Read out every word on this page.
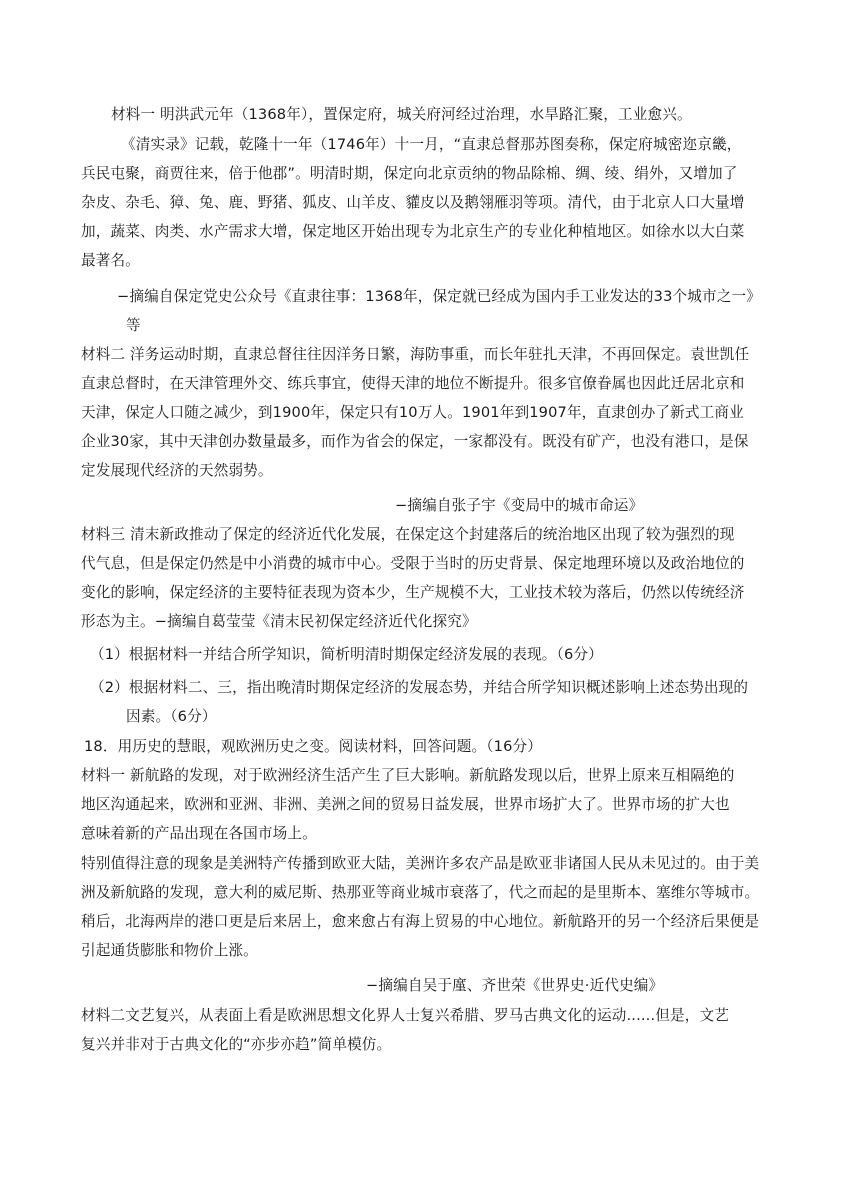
材料一 明洪武元年（1368年），置保定府，城关府河经过治理，水旱路汇聚，工业愈兴。

《清实录》记载，乾隆十一年（1746年）十一月，“直隶总督那苏图奏称，保定府城密迩京畿，

兵民屯聚，商贾往来，倍于他郡”。明清时期，保定向北京贡纳的物品除棉、绸、绫、绢外，又增加了

杂皮、杂毛、獐、兔、鹿、野猪、狐皮、山羊皮、貛皮以及鹅翎雁羽等项。清代，由于北京人口大量增

加，蔬菜、肉类、水产需求大增，保定地区开始出现专为北京生产的专业化种植地区。如徐水以大白菜

最著名。

−摘编自保定党史公众号《直隶往事：1368年，保定就已经成为国内手工业发达的33个城市之一》

等

材料二 洋务运动时期，直隶总督往往因洋务日繁，海防事重，而长年驻扎天津，不再回保定。袁世凯任

直隶总督时，在天津管理外交、练兵事宜，使得天津的地位不断提升。很多官僚眷属也因此迁居北京和

天津，保定人口随之减少，到1900年，保定只有10万人。1901年到1907年，直隶创办了新式工商业

企业30家，其中天津创办数量最多，而作为省会的保定，一家都没有。既没有矿产，也没有港口，是保

定发展现代经济的天然弱势。

−摘编自张子宇《变局中的城市命运》

材料三 清末新政推动了保定的经济近代化发展，在保定这个封建落后的统治地区出现了较为强烈的现

代气息，但是保定仍然是中小消费的城市中心。受限于当时的历史背景、保定地理环境以及政治地位的

变化的影响，保定经济的主要特征表现为资本少，生产规模不大，工业技术较为落后，仍然以传统经济

形态为主。−摘编自葛莹莹《清末民初保定经济近代化探究》

（1）根据材料一并结合所学知识，简析明清时期保定经济发展的表现。（6分）

（2）根据材料二、三，指出晚清时期保定经济的发展态势，并结合所学知识概述影响上述态势出现的

因素。（6分）

18．用历史的慧眼，观欧洲历史之变。阅读材料，回答问题。（16分）

材料一 新航路的发现，对于欧洲经济生活产生了巨大影响。新航路发现以后，世界上原来互相隔绝的

地区沟通起来，欧洲和亚洲、非洲、美洲之间的贸易日益发展，世界市场扩大了。世界市场的扩大也

意味着新的产品出现在各国市场上。

特别值得注意的现象是美洲特产传播到欧亚大陆，美洲许多农产品是欧亚非诸国人民从未见过的。由于美

洲及新航路的发现，意大利的威尼斯、热那亚等商业城市衰落了，代之而起的是里斯本、塞维尔等城市。

稍后，北海两岸的港口更是后来居上，愈来愈占有海上贸易的中心地位。新航路开的另一个经济后果便是

引起通货膨胀和物价上涨。

−摘编自吴于廑、齐世荣《世界史·近代史编》

材料二文艺复兴，从表面上看是欧洲思想文化界人士复兴希腊、罗马古典文化的运动......但是，文艺

复兴并非对于古典文化的“亦步亦趋”简单模仿。
